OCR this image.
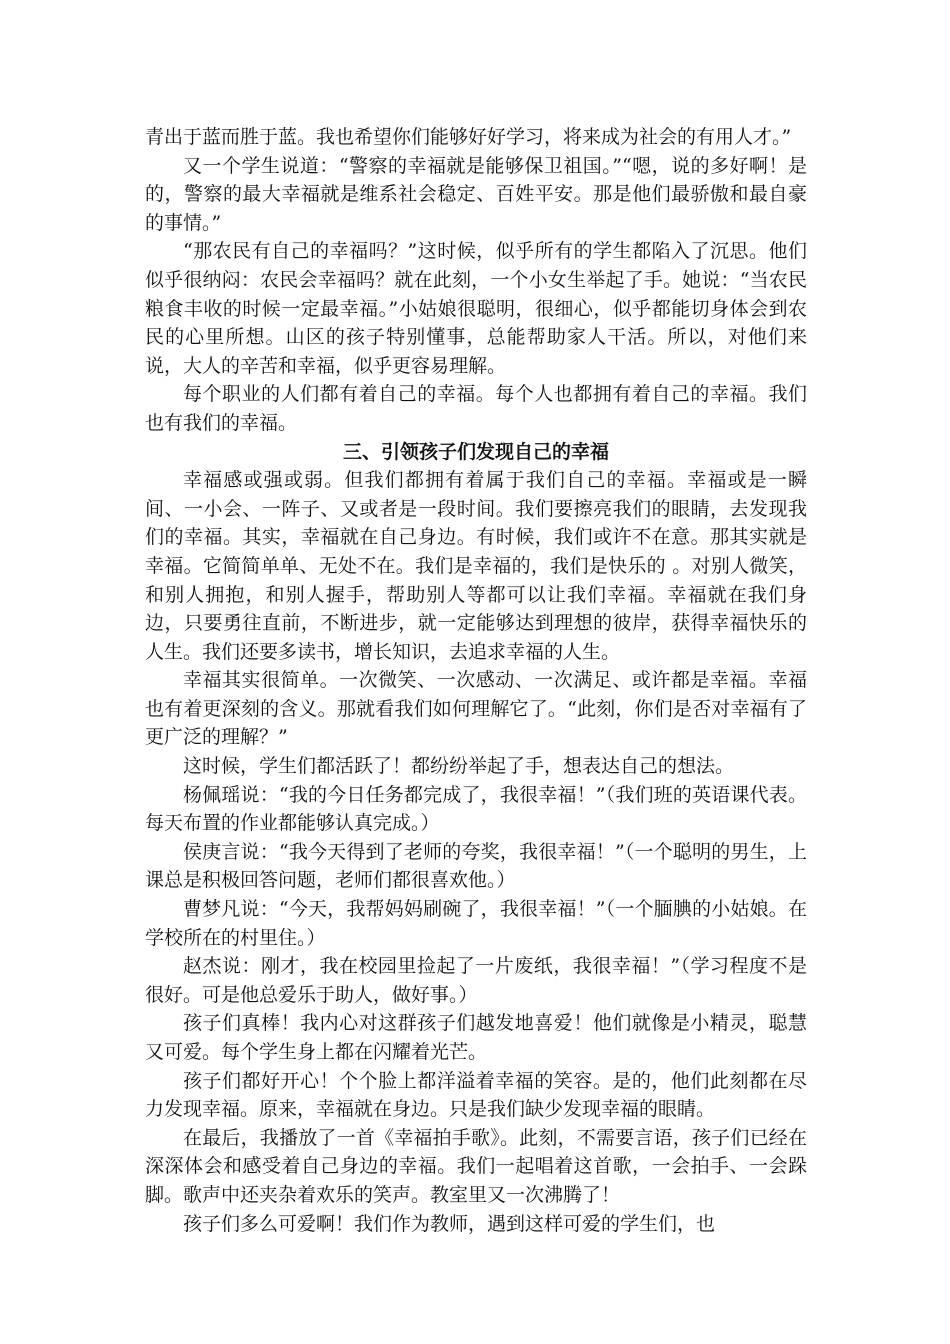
青出于蓝而胜于蓝。我也希望你们能够好好学习，将来成为社会的有用人才。”

又一个学生说道：“警察的幸福就是能够保卫祖国。”“嗯，说的多好啊！是的，警察的最大幸福就是维系社会稳定、百姓平安。那是他们最骄傲和最自豪的事情。”

“那农民有自己的幸福吗？”这时候，似乎所有的学生都陷入了沉思。他们似乎很纳闷：农民会幸福吗？就在此刻，一个小女生举起了手。她说：“当农民粮食丰收的时候一定最幸福。”小姑娘很聪明，很细心，似乎都能切身体会到农民的心里所想。山区的孩子特别懂事，总能帮助家人干活。所以，对他们来说，大人的辛苦和幸福，似乎更容易理解。

每个职业的人们都有着自己的幸福。每个人也都拥有着自己的幸福。我们也有我们的幸福。

三、引领孩子们发现自己的幸福

幸福感或强或弱。但我们都拥有着属于我们自己的幸福。幸福或是一瞬间、一小会、一阵子、又或者是一段时间。我们要擦亮我们的眼睛，去发现我们的幸福。其实，幸福就在自己身边。有时候，我们或许不在意。那其实就是幸福。它简简单单、无处不在。我们是幸福的，我们是快乐的 。对别人微笑，和别人拥抱，和别人握手，帮助别人等都可以让我们幸福。幸福就在我们身边，只要勇往直前，不断进步，就一定能够达到理想的彼岸，获得幸福快乐的人生。我们还要多读书，增长知识，去追求幸福的人生。

幸福其实很简单。一次微笑、一次感动、一次满足、或许都是幸福。幸福也有着更深刻的含义。那就看我们如何理解它了。“此刻，你们是否对幸福有了更广泛的理解？”

这时候，学生们都活跃了！都纷纷举起了手，想表达自己的想法。

杨佩瑶说：“我的今日任务都完成了，我很幸福！”（我们班的英语课代表。每天布置的作业都能够认真完成。）

侯庚言说：“我今天得到了老师的夸奖，我很幸福！”（一个聪明的男生，上课总是积极回答问题，老师们都很喜欢他。）

曹梦凡说：“今天，我帮妈妈刷碗了，我很幸福！”（一个腼腆的小姑娘。在学校所在的村里住。）

赵杰说：刚才，我在校园里捡起了一片废纸，我很幸福！”（学习程度不是很好。可是他总爱乐于助人，做好事。）

孩子们真棒！我内心对这群孩子们越发地喜爱！他们就像是小精灵，聪慧又可爱。每个学生身上都在闪耀着光芒。

孩子们都好开心！个个脸上都洋溢着幸福的笑容。是的，他们此刻都在尽力发现幸福。原来，幸福就在身边。只是我们缺少发现幸福的眼睛。

在最后，我播放了一首《幸福拍手歌》。此刻，不需要言语，孩子们已经在深深体会和感受着自己身边的幸福。我们一起唱着这首歌，一会拍手、一会跺脚。歌声中还夹杂着欢乐的笑声。教室里又一次沸腾了！

孩子们多么可爱啊！我们作为教师，遇到这样可爱的学生们，也
